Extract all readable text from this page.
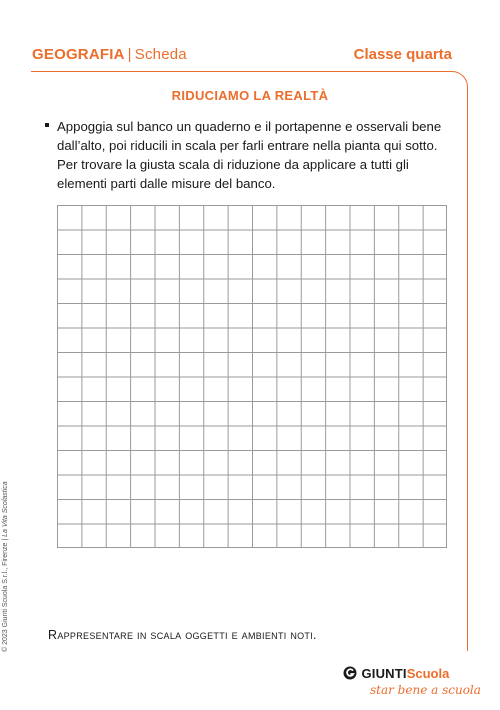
GEOGRAFIA | Scheda	Classe quarta
RIDUCIAMO LA REALTÀ
Appoggia sul banco un quaderno e il portapenne e osservali bene dall’alto, poi riducili in scala per farli entrare nella pianta qui sotto. Per trovare la giusta scala di riduzione da applicare a tutti gli elementi parti dalle misure del banco.
Rappresentare in scala oggetti e ambienti noti.
© 2023 Giunti Scuola S.r.l., Firenze | La Vita Scolastica
GIUNTIScuola
star bene a scuola
